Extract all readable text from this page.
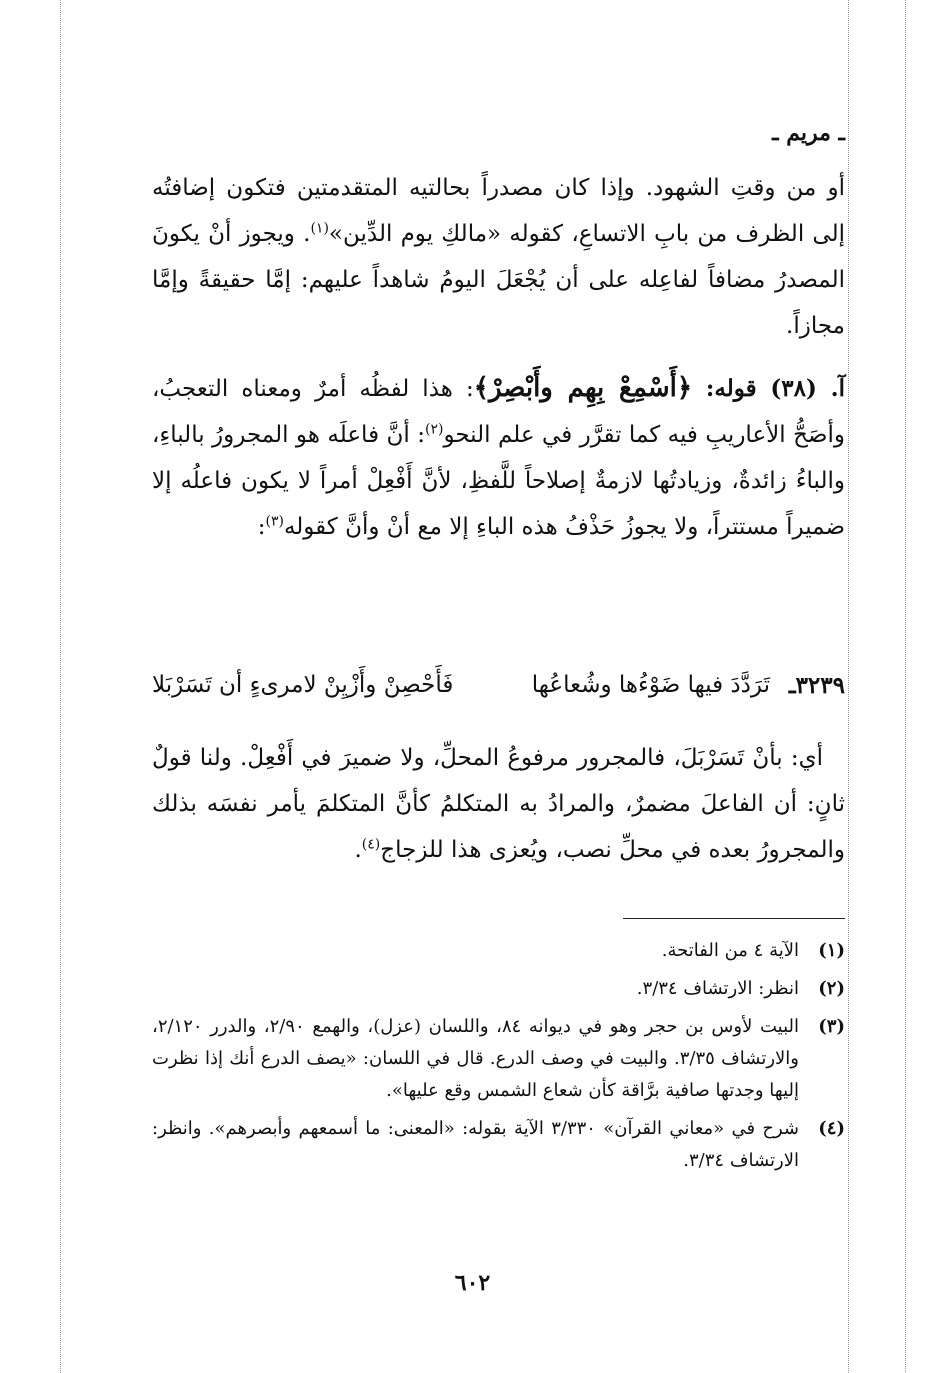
ـ مريم ـ

أو من وقتِ الشهود. وإذا كان مصدراً بحالتيه المتقدمتين فتكون إضافتُه إلى الظرف من بابِ الاتساعِ، كقوله «مالكِ يوم الدِّين»$^{(١)}$. ويجوز أنْ يكونَ المصدرُ مضافاً لفاعِله على أن يُجْعَلَ اليومُ شاهداً عليهم: إمَّا حقيقةً وإمَّا مجازاً.

آ. (٣٨) قوله: ﴿أَسْمِعْ بِهِم وأَبْصِرْ﴾: هذا لفظُه أمرٌ ومعناه التعجبُ، وأصَحُّ الأعاريبِ فيه كما تقرَّر في علم النحو$^{(٢)}$: أنَّ فاعلَه هو المجرورُ بالباءِ، والباءُ زائدةٌ، وزيادتُها لازمةٌ إصلاحاً للَّفظِ، لأنَّ أَفْعِلْ أمراً لا يكون فاعلُه إلا ضميراً مستتراً، ولا يجوزُ حَذْفُ هذه الباءِ إلا مع أنْ وأنَّ كقوله$^{(٣)}$:

٣٢٣٩ـ
تَرَدَّدَ فيها ضَوْءُها وشُعاعُها
فَأَحْصِنْ وأَزْيِنْ لامرىءٍ أن تَسَرْبَلا

أي: بأنْ تَسَرْبَلَ، فالمجرور مرفوعُ المحلِّ، ولا ضميرَ في أَفْعِلْ. ولنا قولٌ ثانٍ: أن الفاعلَ مضمرٌ، والمرادُ به المتكلمُ كأنَّ المتكلمَ يأمر نفسَه بذلك والمجرورُ بعده في محلِّ نصب، ويُعزى هذا للزجاج$^{(٤)}$.

(١)
الآية ٤ من الفاتحة.
(٢)
انظر: الارتشاف ٣/٣٤.
(٣)
البيت لأوس بن حجر وهو في ديوانه ٨٤، واللسان (عزل)، والهمع ٢/٩٠، والدرر ٢/١٢٠، والارتشاف ٣/٣٥. والبيت في وصف الدرع. قال في اللسان: «يصف الدرع أنك إذا نظرت إليها وجدتها صافية برَّاقة كأن شعاع الشمس وقع عليها».
(٤)
شرح في «معاني القرآن» ٣/٣٣٠ الآية بقوله: «المعنى: ما أسمعهم وأبصرهم». وانظر: الارتشاف ٣/٣٤.
٦٠٢
